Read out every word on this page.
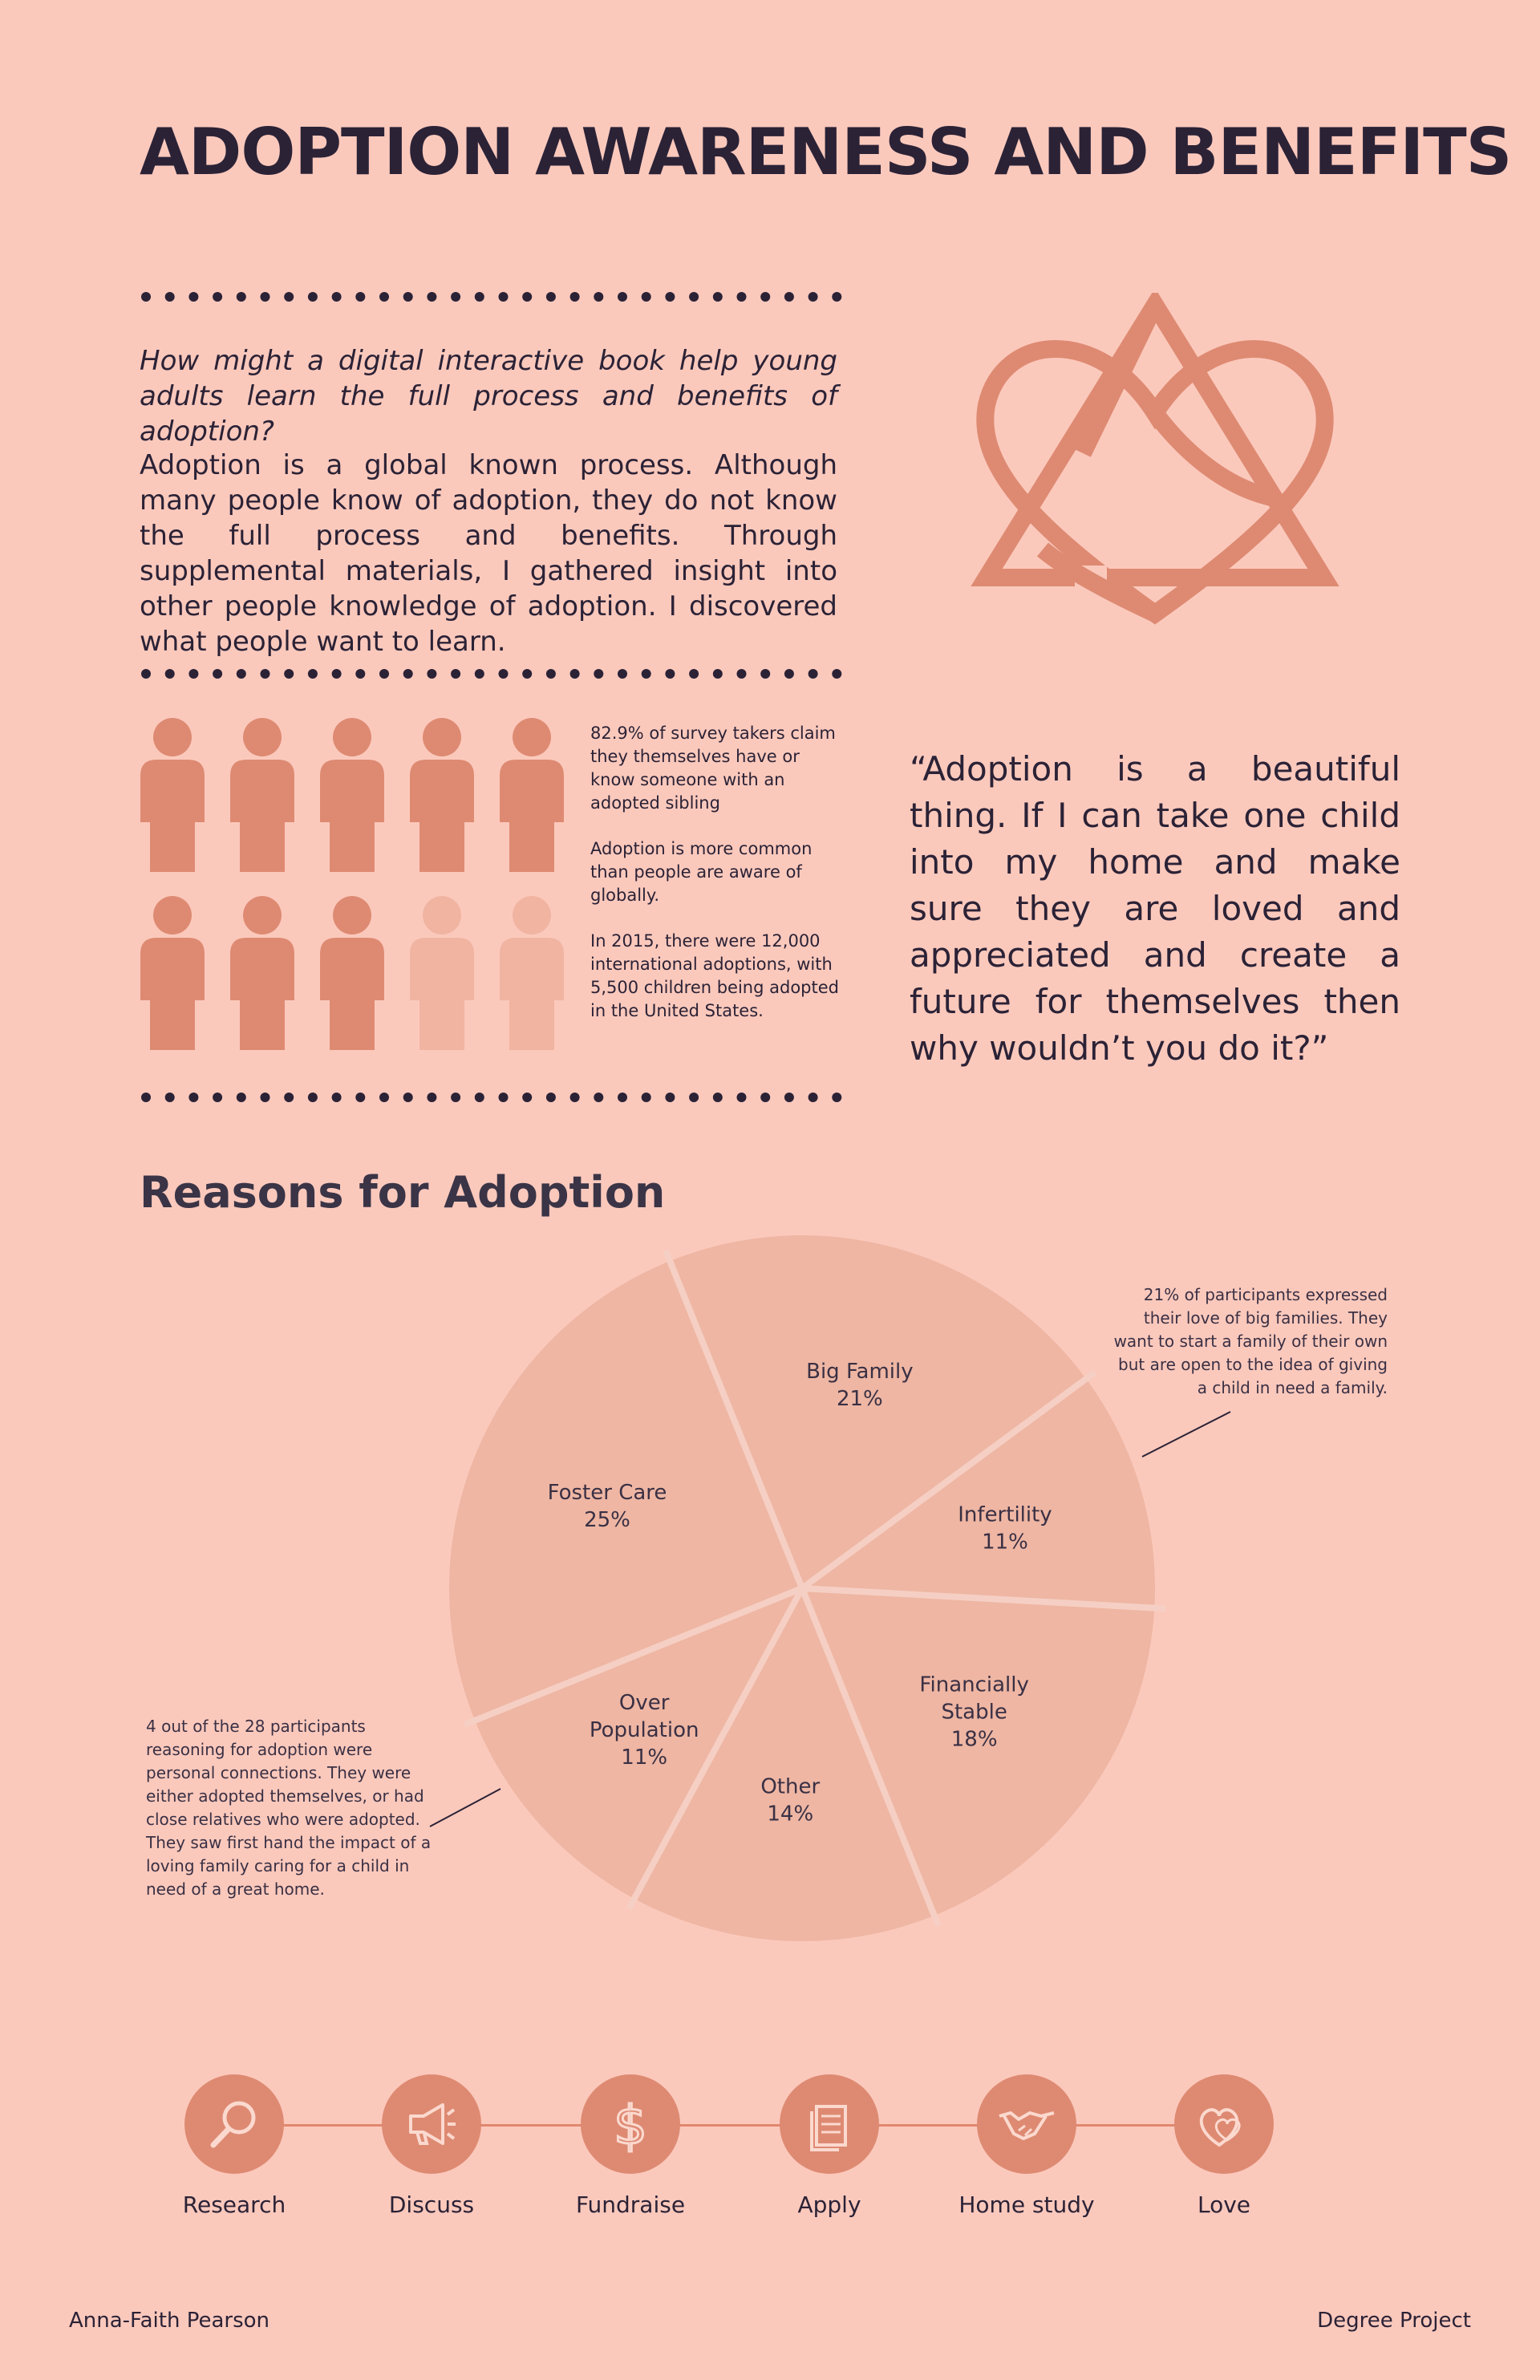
ADOPTION AWARENESS AND BENEFITS
How might a digital interactive book help young adults learn the full process and benefits of adoption?
Adoption is a global known process. Although many people know of adoption, they do not know the full process and benefits. Through supplemental materials, I gathered insight into other people knowledge of adoption. I discovered what people want to learn.

82.9% of survey takers claim they themselves have or know someone with an adopted sibling

Adoption is more common than people are aware of globally.

In 2015, there were 12,000 international adoptions, with 5,500 children being adopted in the United States.

“Adoption is a beautiful thing. If I can take one child into my home and make sure they are loved and appreciated and create a future for themselves then why wouldn’t you do it?”
Reasons for Adoption
Foster Care 25%
Big Family 21%
Infertility 11%
Financially Stable 18%
Other 14%
Over Population 11%
21% of participants expressed their love of big families. They want to start a family of their own but are open to the idea of giving a child in need a family.
4 out of the 28 participants reasoning for adoption were personal connections. They were either adopted themselves, or had close relatives who were adopted. They saw first hand the impact of a loving family caring for a child in need of a great home.
Research	Discuss
$
Fundraise	Apply	Home study	Love
Anna-Faith Pearson	Degree Project
